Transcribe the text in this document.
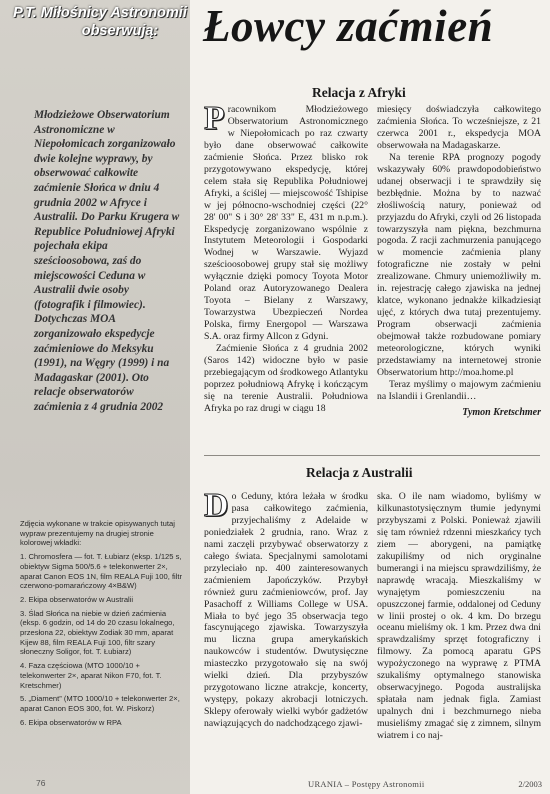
P.T. Miłośnicy Astronomii

obserwują:

Młodzieżowe Obserwatorium Astronomiczne w Niepołomicach zorganizowało dwie kolejne wyprawy, by obserwować całkowite zaćmienie Słońca w dniu 4 grudnia 2002 w Afryce i Australii. Do Parku Krugera w Republice Południowej Afryki pojechała ekipa sześcioosobowa, zaś do miejscowości Ceduna w Australii dwie osoby (fotografik i filmowiec). Dotychczas MOA zorganizowało ekspedycje zaćmieniowe do Meksyku (1991), na Węgry (1999) i na Madagaskar (2001). Oto relacje obserwatorów zaćmienia z 4 grudnia 2002

Zdjęcia wykonane w trakcie opisywanych tutaj wypraw prezentujemy na drugiej stronie kolorowej wkładki:

1. Chromosfera — fot. T. Łubiarz (eksp. 1/125 s, obiektyw Sigma 500/5.6 + telekonwerter 2×, aparat Canon EOS 1N, film REALA Fuji 100, filtr czerwono-pomarańczowy 4×B&W)

2. Ekipa obserwatorów w Australii

3. Ślad Słońca na niebie w dzień zaćmienia (eksp. 6 godzin, od 14 do 20 czasu lokalnego, przesłona 22, obiektyw Zodiak 30 mm, aparat Kijew 88, film REALA Fuji 100, filtr szary słoneczny Soligor, fot. T. Łubiarz)

4. Faza częściowa (MTO 1000/10 + telekonwerter 2×, aparat Nikon F70, fot. T. Kretschmer)

5. „Diament” (MTO 1000/10 + telekonwerter 2×, aparat Canon EOS 300, fot. W. Piskorz)

6. Ekipa obserwatorów w RPA

76
Łowcy zaćmień
Relacja z Afryki

Pracownikom Młodzieżowego Obserwatorium Astronomicznego w Niepołomicach po raz czwarty było dane obserwować całkowite zaćmienie Słońca. Przez blisko rok przygotowywano ekspedycję, której celem stała się Republika Południowej Afryki, a ściślej — miejscowość Tshipise w jej północno-wschodniej części (22° 28' 00" S i 30° 28' 33" E, 431 m n.p.m.). Ekspedycję zorganizowano wspólnie z Instytutem Meteorologii i Gospodarki Wodnej w Warszawie. Wyjazd sześcioosobowej grupy stał się możliwy wyłącznie dzięki pomocy Toyota Motor Poland oraz Autoryzowanego Dealera Toyota – Bielany z Warszawy, Towarzystwa Ubezpieczeń Nordea Polska, firmy Energopol — Warszawa S.A. oraz firmy Allcon z Gdyni.

Zaćmienie Słońca z 4 grudnia 2002 (Saros 142) widoczne było w pasie przebiegającym od środkowego Atlantyku poprzez południową Afrykę i kończącym się na terenie Australii. Południowa Afryka po raz drugi w ciągu 18

miesięcy doświadczyła całkowitego zaćmienia Słońca. To wcześniejsze, z 21 czerwca 2001 r., ekspedycja MOA obserwowała na Madagaskarze.

Na terenie RPA prognozy pogody wskazywały 60% prawdopodobieństwo udanej obserwacji i te sprawdziły się bezbłędnie. Można by to nazwać złośliwością natury, ponieważ od przyjazdu do Afryki, czyli od 26 listopada towarzyszyła nam piękna, bezchmurna pogoda. Z racji zachmurzenia panującego w momencie zaćmienia plany fotograficzne nie zostały w pełni zrealizowane. Chmury uniemożliwiły m. in. rejestrację całego zjawiska na jednej klatce, wykonano jednakże kilkadziesiąt ujęć, z których dwa tutaj prezentujemy. Program obserwacji zaćmienia obejmował także rozbudowane pomiary meteorologiczne, których wyniki przedstawiamy na internetowej stronie Obserwatorium http://moa.home.pl

Teraz myślimy o majowym zaćmieniu na Islandii i Grenlandii…

Tymon Kretschmer
Relacja z Australii

Do Ceduny, która leżała w środku pasa całkowitego zaćmienia, przyjechaliśmy z Adelaide w poniedziałek 2 grudnia, rano. Wraz z nami zaczęli przybywać obserwatorzy z całego świata. Specjalnymi samolotami przyleciało np. 400 zainteresowanych zaćmieniem Japończyków. Przybył również guru zaćmieniowców, prof. Jay Pasachoff z Williams College w USA. Miała to być jego 35 obserwacja tego fascynującego zjawiska. Towarzyszyła mu liczna grupa amerykańskich naukowców i studentów. Dwutysięczne miasteczko przygotowało się na swój wielki dzień. Dla przybyszów przygotowano liczne atrakcje, koncerty, występy, pokazy akrobacji lotniczych. Sklepy oferowały wielki wybór gadżetów nawiązujących do nadchodzącego zjawi-

ska. O ile nam wiadomo, byliśmy w kilkunastotysięcznym tłumie jedynymi przybyszami z Polski. Ponieważ zjawili się tam również rdzenni mieszkańcy tych ziem — aborygeni, na pamiątkę zakupiliśmy od nich oryginalne bumerangi i na miejscu sprawdziliśmy, że naprawdę wracają. Mieszkaliśmy w wynajętym pomieszczeniu na opuszczonej farmie, oddalonej od Ceduny w linii prostej o ok. 4 km. Do brzegu oceanu mieliśmy ok. 1 km. Przez dwa dni sprawdzaliśmy sprzęt fotograficzny i filmowy. Za pomocą aparatu GPS wypożyczonego na wyprawę z PTMA szukaliśmy optymalnego stanowiska obserwacyjnego. Pogoda australijska spłatała nam jednak figla. Zamiast upalnych dni i bezchmurnego nieba musieliśmy zmagać się z zimnem, silnym wiatrem i co naj-

URANIA – Postępy Astronomii	2/2003
